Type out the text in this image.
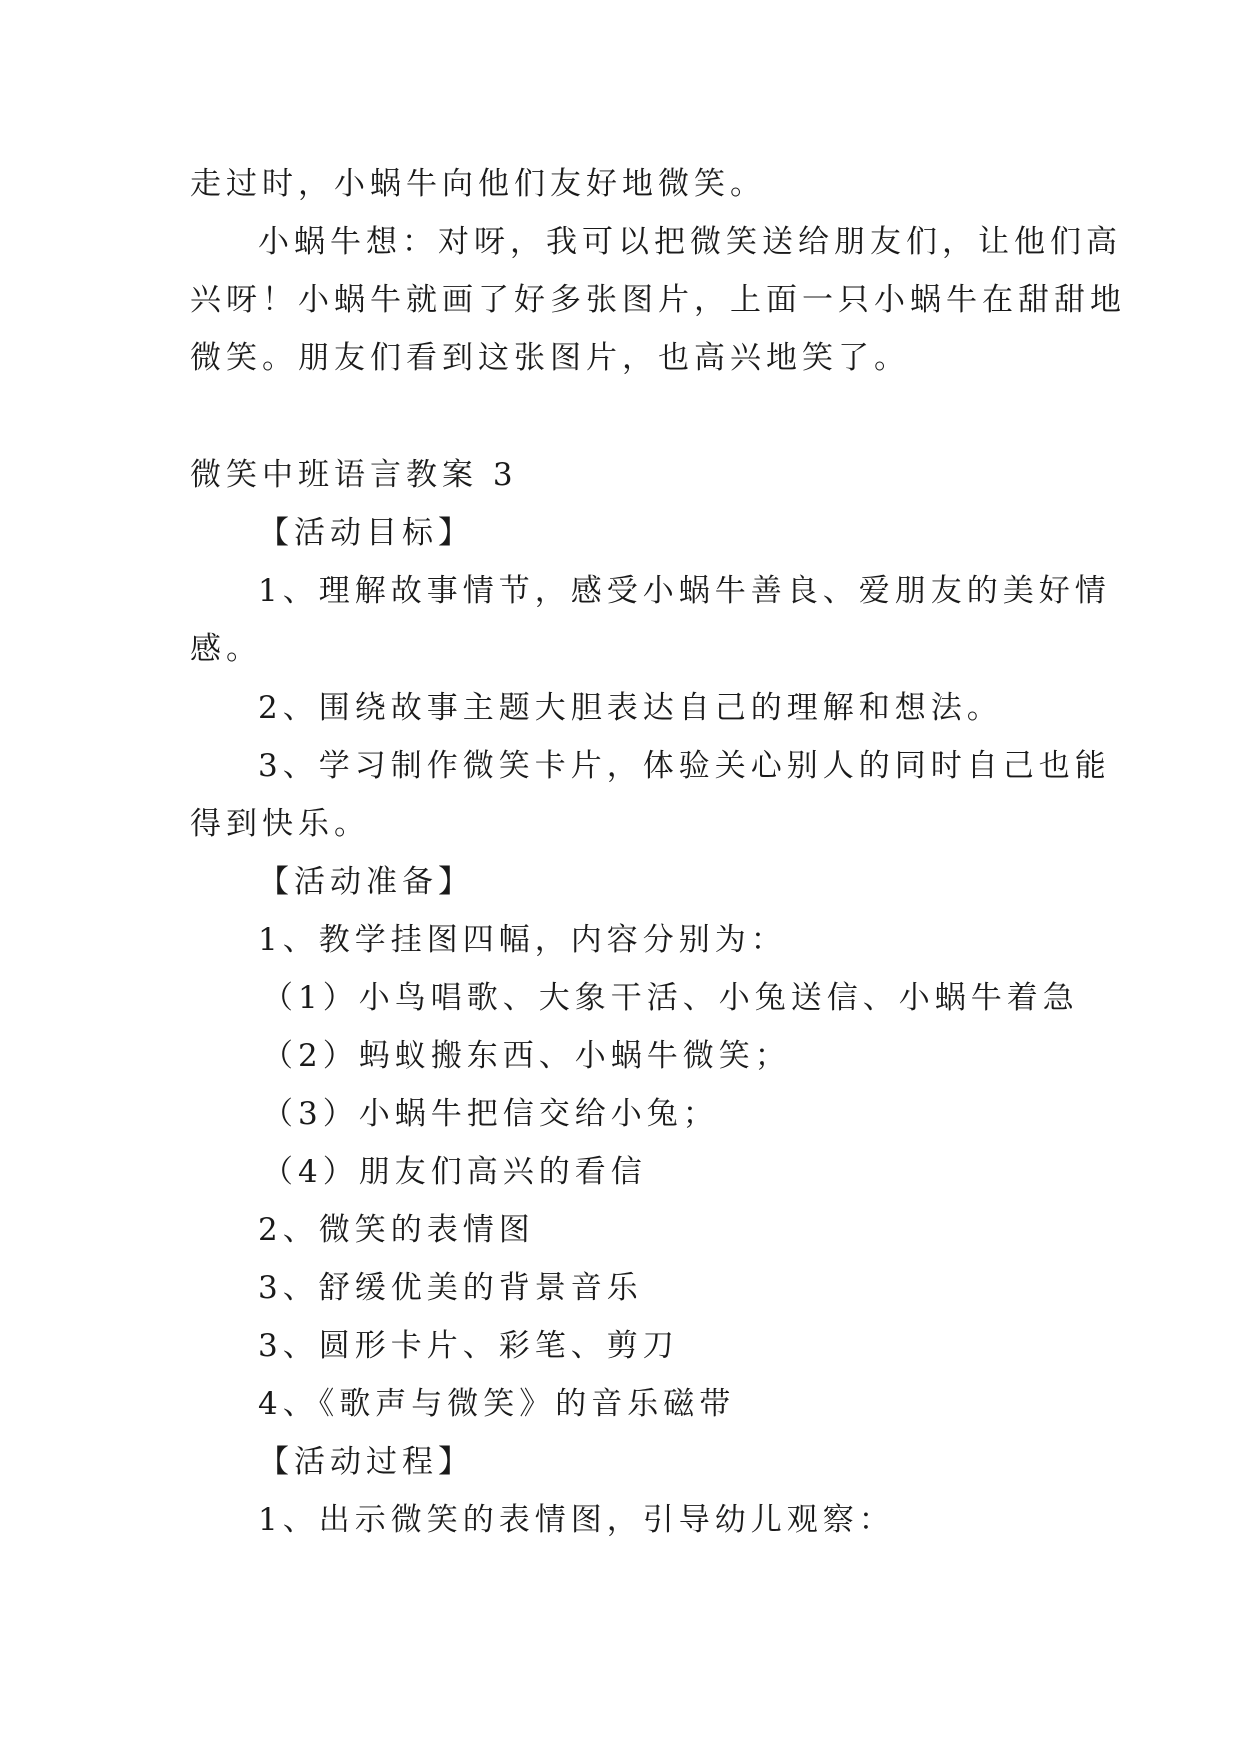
走过时，小蜗牛向他们友好地微笑。
小蜗牛想：对呀，我可以把微笑送给朋友们，让他们高
兴呀！小蜗牛就画了好多张图片，上面一只小蜗牛在甜甜地
微笑。朋友们看到这张图片，也高兴地笑了。
微笑中班语言教案 3
【活动目标】
1、理解故事情节，感受小蜗牛善良、爱朋友的美好情
感。
2、围绕故事主题大胆表达自己的理解和想法。
3、学习制作微笑卡片，体验关心别人的同时自己也能
得到快乐。
【活动准备】
1、教学挂图四幅，内容分别为：
（1）小鸟唱歌、大象干活、小兔送信、小蜗牛着急
（2）蚂蚁搬东西、小蜗牛微笑；
（3）小蜗牛把信交给小兔；
（4）朋友们高兴的看信
2、微笑的表情图
3、舒缓优美的背景音乐
3、圆形卡片、彩笔、剪刀
4、《歌声与微笑》的音乐磁带
【活动过程】
1、出示微笑的表情图，引导幼儿观察：
